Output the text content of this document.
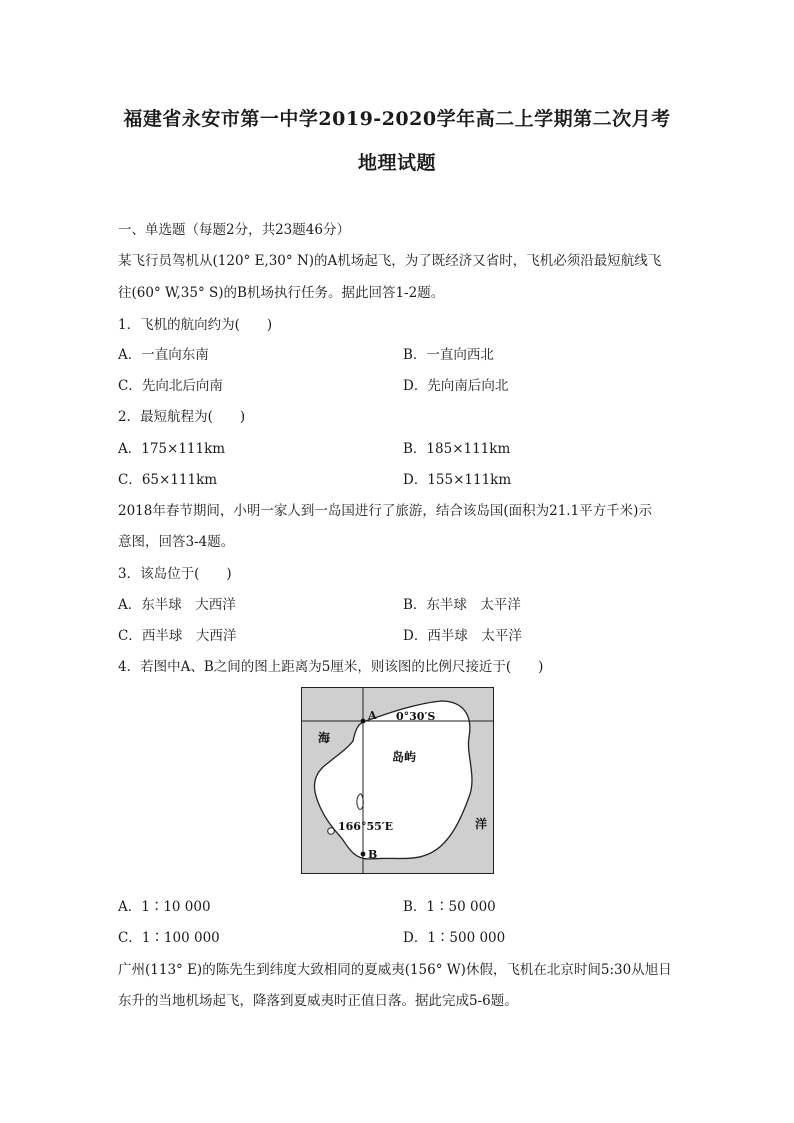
福建省永安市第一中学2019-2020学年高二上学期第二次月考
地理试题
一、单选题（每题2分，共23题46分）
某飞行员驾机从(120° E,30° N)的A机场起飞，为了既经济又省时，飞机必须沿最短航线飞
往(60° W,35° S)的B机场执行任务。据此回答1-2题。
1．飞机的航向约为(　　)
A．一直向东南	B．一直向西北
C．先向北后向南	D．先向南后向北
2．最短航程为(　　)
A．175×111km	B．185×111km
C．65×111km	D．155×111km
2018年春节期间，小明一家人到一岛国进行了旅游，结合该岛国(面积为21.1平方千米)示
意图，回答3-4题。
3．该岛位于(　　)
A．东半球　大西洋	B．东半球　太平洋
C．西半球　大西洋	D．西半球　太平洋
4．若图中A、B之间的图上距离为5厘米，则该图的比例尺接近于(　　)
A 0°30′S
海
岛屿
166°55′E	洋
B
A．1∶10 000	B．1∶50 000
C．1∶100 000	D．1∶500 000
广州(113° E)的陈先生到纬度大致相同的夏威夷(156° W)休假，飞机在北京时间5:30从旭日
东升的当地机场起飞，降落到夏威夷时正值日落。据此完成5-6题。
